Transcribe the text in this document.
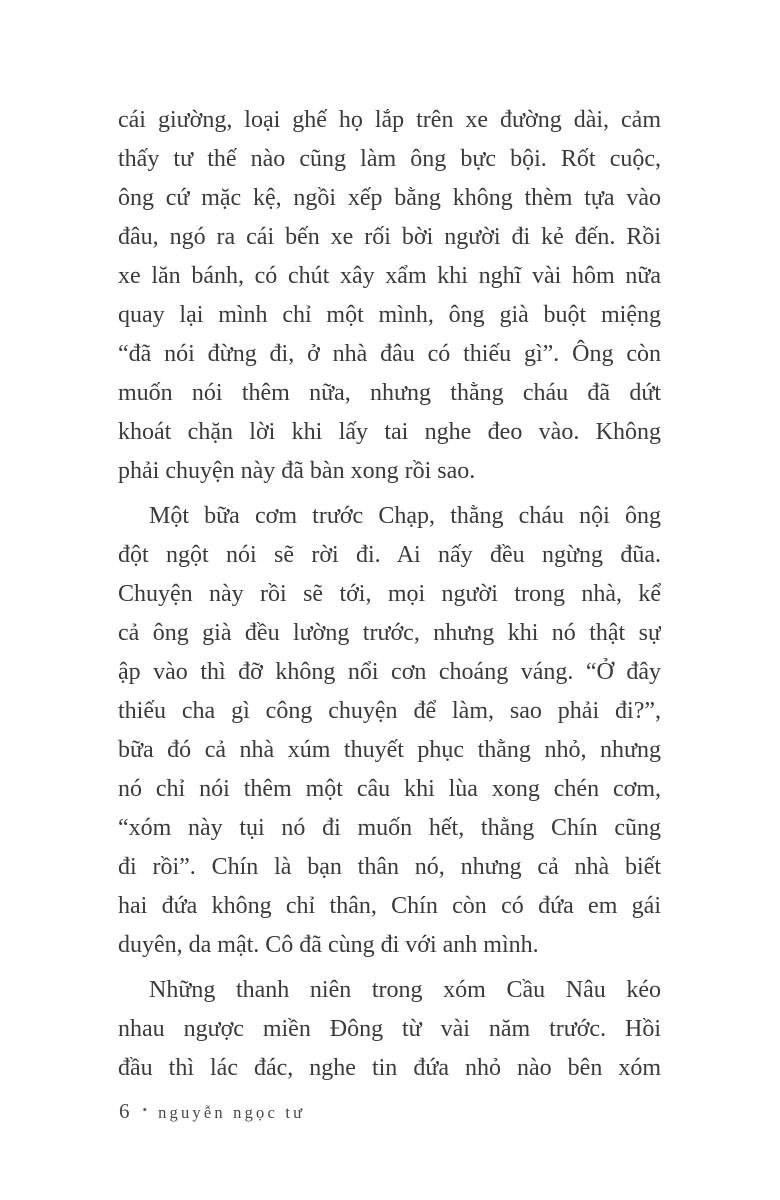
cái giường, loại ghế họ lắp trên xe đường dài, cảm
thấy tư thế nào cũng làm ông bực bội. Rốt cuộc,
ông cứ mặc kệ, ngồi xếp bằng không thèm tựa vào
đâu, ngó ra cái bến xe rối bời người đi kẻ đến. Rồi
xe lăn bánh, có chút xây xẩm khi nghĩ vài hôm nữa
quay lại mình chỉ một mình, ông già buột miệng
“đã nói đừng đi, ở nhà đâu có thiếu gì”. Ông còn
muốn nói thêm nữa, nhưng thằng cháu đã dứt
khoát chặn lời khi lấy tai nghe đeo vào. Không
phải chuyện này đã bàn xong rồi sao.
Một bữa cơm trước Chạp, thằng cháu nội ông
đột ngột nói sẽ rời đi. Ai nấy đều ngừng đũa.
Chuyện này rồi sẽ tới, mọi người trong nhà, kể
cả ông già đều lường trước, nhưng khi nó thật sự
ập vào thì đỡ không nổi cơn choáng váng. “Ở đây
thiếu cha gì công chuyện để làm, sao phải đi?”,
bữa đó cả nhà xúm thuyết phục thằng nhỏ, nhưng
nó chỉ nói thêm một câu khi lùa xong chén cơm,
“xóm này tụi nó đi muốn hết, thằng Chín cũng
đi rồi”. Chín là bạn thân nó, nhưng cả nhà biết
hai đứa không chỉ thân, Chín còn có đứa em gái
duyên, da mật. Cô đã cùng đi với anh mình.
Những thanh niên trong xóm Cầu Nâu kéo
nhau ngược miền Đông từ vài năm trước. Hồi
đầu thì lác đác, nghe tin đứa nhỏ nào bên xóm
6 • nguyễn ngọc tư
